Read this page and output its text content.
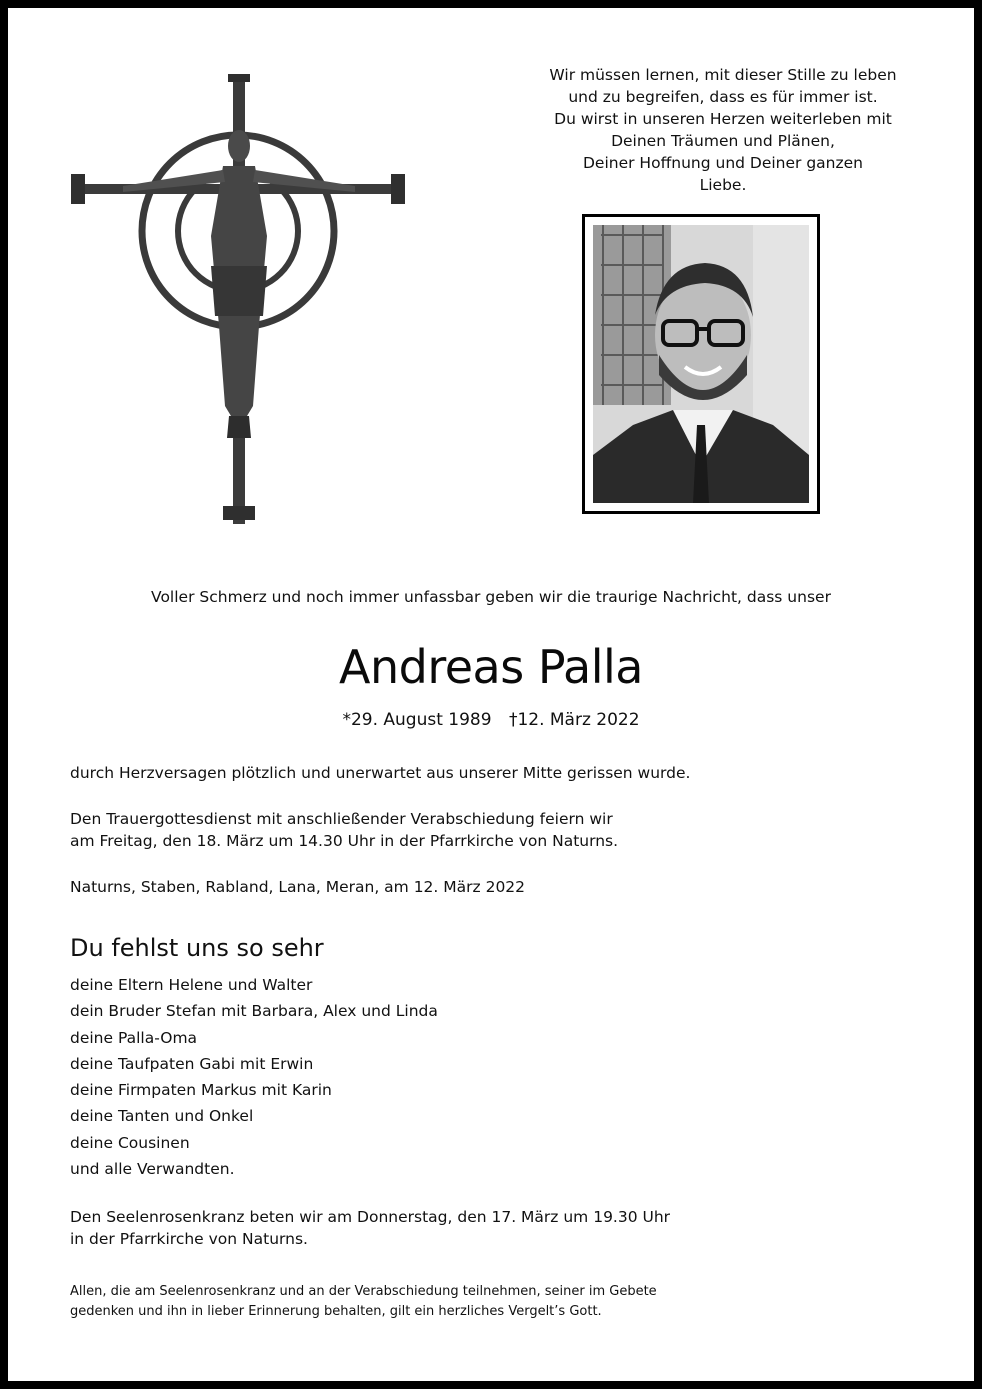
Wir müssen lernen, mit dieser Stille zu leben
und zu begreifen, dass es für immer ist.
Du wirst in unseren Herzen weiterleben mit
Deinen Träumen und Plänen,
Deiner Hoffnung und Deiner ganzen
Liebe.
Voller Schmerz und noch immer unfassbar geben wir die traurige Nachricht, dass unser
Andreas Palla
*29. August 1989 †12. März 2022
durch Herzversagen plötzlich und unerwartet aus unserer Mitte gerissen wurde.
Den Trauergottesdienst mit anschließender Verabschiedung feiern wir
am Freitag, den 18. März um 14.30 Uhr in der Pfarrkirche von Naturns.
Naturns, Staben, Rabland, Lana, Meran, am 12. März 2022
Du fehlst uns so sehr
deine Eltern Helene und Walter
dein Bruder Stefan mit Barbara, Alex und Linda
deine Palla-Oma
deine Taufpaten Gabi mit Erwin
deine Firmpaten Markus mit Karin
deine Tanten und Onkel
deine Cousinen
und alle Verwandten.
Den Seelenrosenkranz beten wir am Donnerstag, den 17. März um 19.30 Uhr
in der Pfarrkirche von Naturns.
Allen, die am Seelenrosenkranz und an der Verabschiedung teilnehmen, seiner im Gebete
gedenken und ihn in lieber Erinnerung behalten, gilt ein herzliches Vergelt’s Gott.
